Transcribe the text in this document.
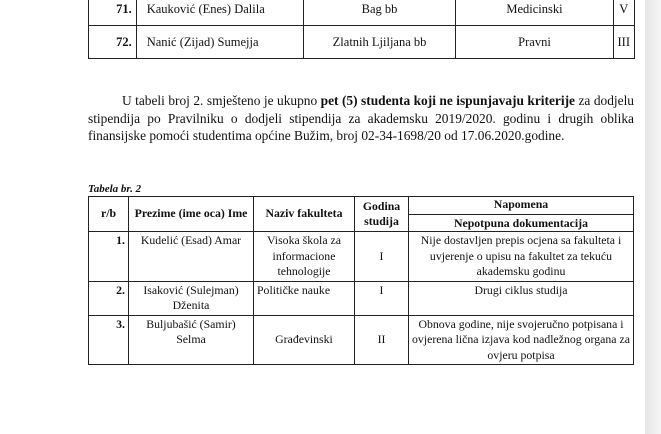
71.	Kauković (Enes) Dalila	Bag bb	Medicinski	V
72.	Nanić (Zijad) Sumejja	Zlatnih Ljiljana bb	Pravni	III

U tabeli broj 2. smješteno je ukupno pet (5) studenta koji ne ispunjavaju kriterije za dodjelu stipendija po Pravilniku o dodjeli stipendija za akademsku 2019/2020. godinu i drugih oblika finansijske pomoći studentima općine Bužim, broj 02-34-1698/20 od 17.06.2020.godine.

Tabela br. 2
r/b	Prezime (ime oca) Ime	Naziv fakulteta	Godina studija	Napomena
Nepotpuna dokumentacija

1.	Kudelić (Esad) Amar	Visoka škola za informacione tehnologije	I	Nije dostavljen prepis ocjena sa fakulteta i uvjerenje o upisu na fakultet za tekuću akademsku godinu
2.	Isaković (Sulejman) Dženita	Političke nauke	I	Drugi ciklus studija
3.	Buljubašić (Samir) Selma	Građevinski	II	Obnova godine, nije svojeručno potpisana i ovjerena lična izjava kod nadležnog organa za ovjeru potpisa
